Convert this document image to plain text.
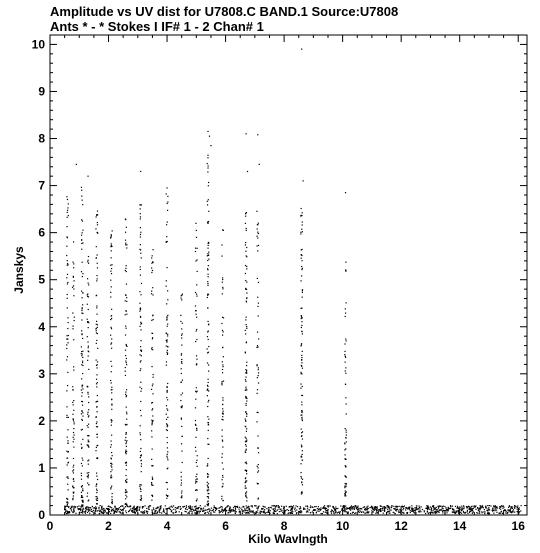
Amplitude vs UV dist for U7808.C BAND.1 Source:U7808
Ants * - * Stokes I IF# 1 - 2 Chan# 1
0	2	4	6	8	10	12	14	16
0
1
2
3
4
5
6
7
8
9
10
Kilo Wavlngth
Janskys
